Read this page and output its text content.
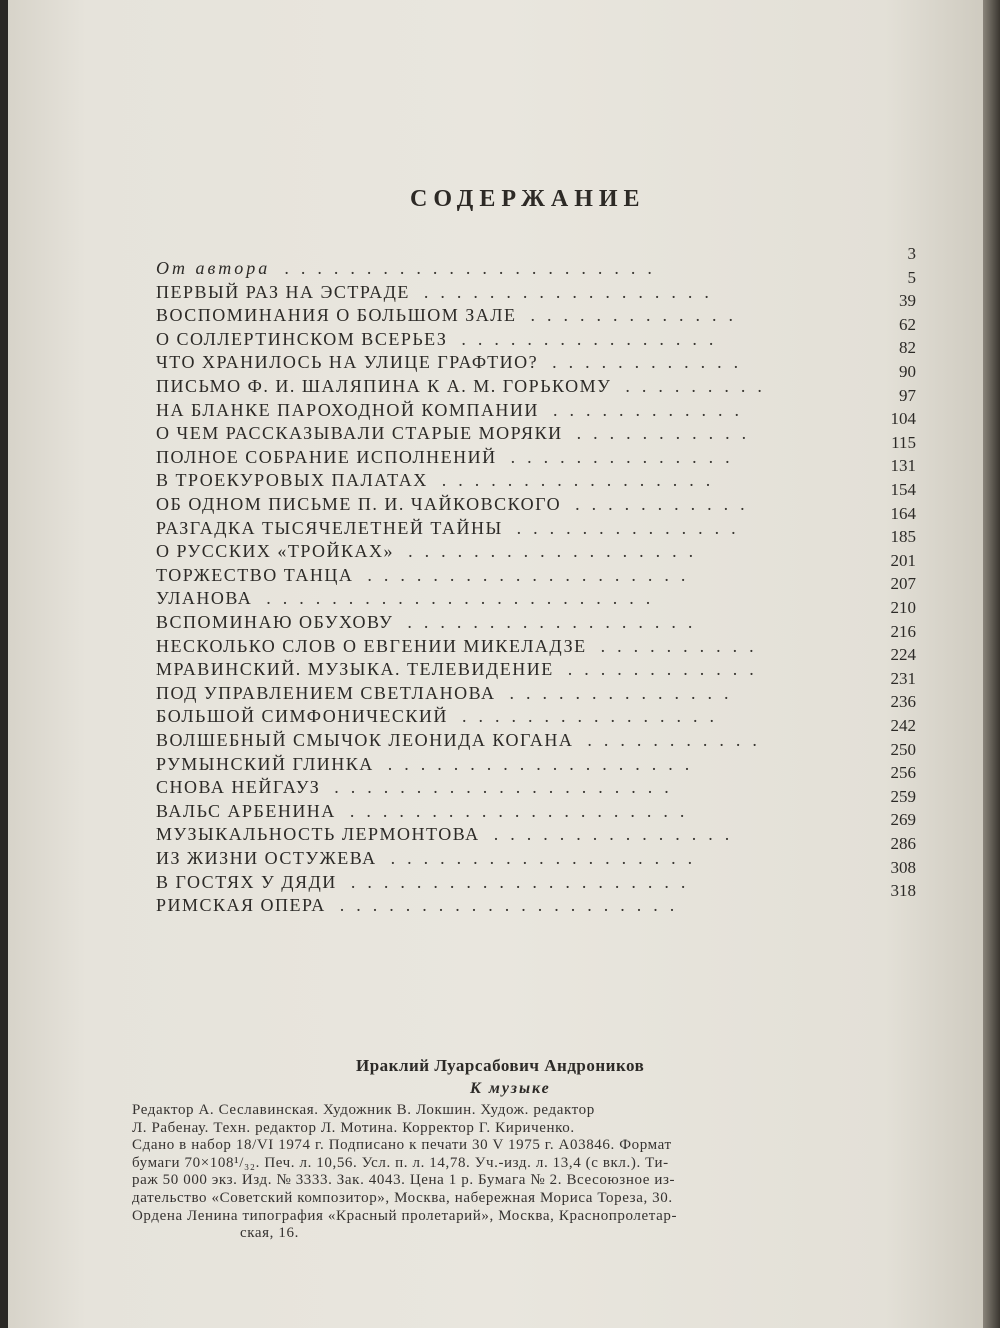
СОДЕРЖАНИЕ
От автора
3
.......................
ПЕРВЫЙ РАЗ НА ЭСТРАДЕ
5
..................
ВОСПОМИНАНИЯ О БОЛЬШОМ ЗАЛЕ
39
.............
О СОЛЛЕРТИНСКОМ ВСЕРЬЕЗ
62
................
ЧТО ХРАНИЛОСЬ НА УЛИЦЕ ГРАФТИО?
82
............
ПИСЬМО Ф. И. ШАЛЯПИНА К А. М. ГОРЬКОМУ
90
.........
НА БЛАНКЕ ПАРОХОДНОЙ КОМПАНИИ
97
............
О ЧЕМ РАССКАЗЫВАЛИ СТАРЫЕ МОРЯКИ
104
...........
ПОЛНОЕ СОБРАНИЕ ИСПОЛНЕНИЙ
115
..............
В ТРОЕКУРОВЫХ ПАЛАТАХ
131
.................
ОБ ОДНОМ ПИСЬМЕ П. И. ЧАЙКОВСКОГО
154
...........
РАЗГАДКА ТЫСЯЧЕЛЕТНЕЙ ТАЙНЫ
164
..............
О РУССКИХ «ТРОЙКАХ»
185
..................
ТОРЖЕСТВО ТАНЦА
201
....................
УЛАНОВА
207
........................
ВСПОМИНАЮ ОБУХОВУ
210
..................
НЕСКОЛЬКО СЛОВ О ЕВГЕНИИ МИКЕЛАДЗЕ
216
..........
МРАВИНСКИЙ. МУЗЫКА. ТЕЛЕВИДЕНИЕ
224
............
ПОД УПРАВЛЕНИЕМ СВЕТЛАНОВА
231
..............
БОЛЬШОЙ СИМФОНИЧЕСКИЙ
236
................
ВОЛШЕБНЫЙ СМЫЧОК ЛЕОНИДА КОГАНА
242
...........
РУМЫНСКИЙ ГЛИНКА
250
...................
СНОВА НЕЙГАУЗ
256
.....................
ВАЛЬС АРБЕНИНА
259
.....................
МУЗЫКАЛЬНОСТЬ ЛЕРМОНТОВА
269
...............
ИЗ ЖИЗНИ ОСТУЖЕВА
286
...................
В ГОСТЯХ У ДЯДИ
308
.....................
РИМСКАЯ ОПЕРА
318
.....................
Ираклий Луарсабович Андроников
К музыке
Редактор А. Сеславинская. Художник В. Локшин. Худож. редактор
Л. Рабенау. Техн. редактор Л. Мотина. Корректор Г. Кириченко.
Сдано в набор 18/VI 1974 г. Подписано к печати 30 V 1975 г. А03846. Формат
бумаги 70×108¹/₃₂. Печ. л. 10,56. Усл. п. л. 14,78. Уч.-изд. л. 13,4 (с вкл.). Ти-
раж 50 000 экз. Изд. № 3333. Зак. 4043. Цена 1 р. Бумага № 2. Всесоюзное из-
дательство «Советский композитор», Москва, набережная Мориса Тореза, 30.
Ордена Ленина типография «Красный пролетарий», Москва, Краснопролетар-
ская, 16.
